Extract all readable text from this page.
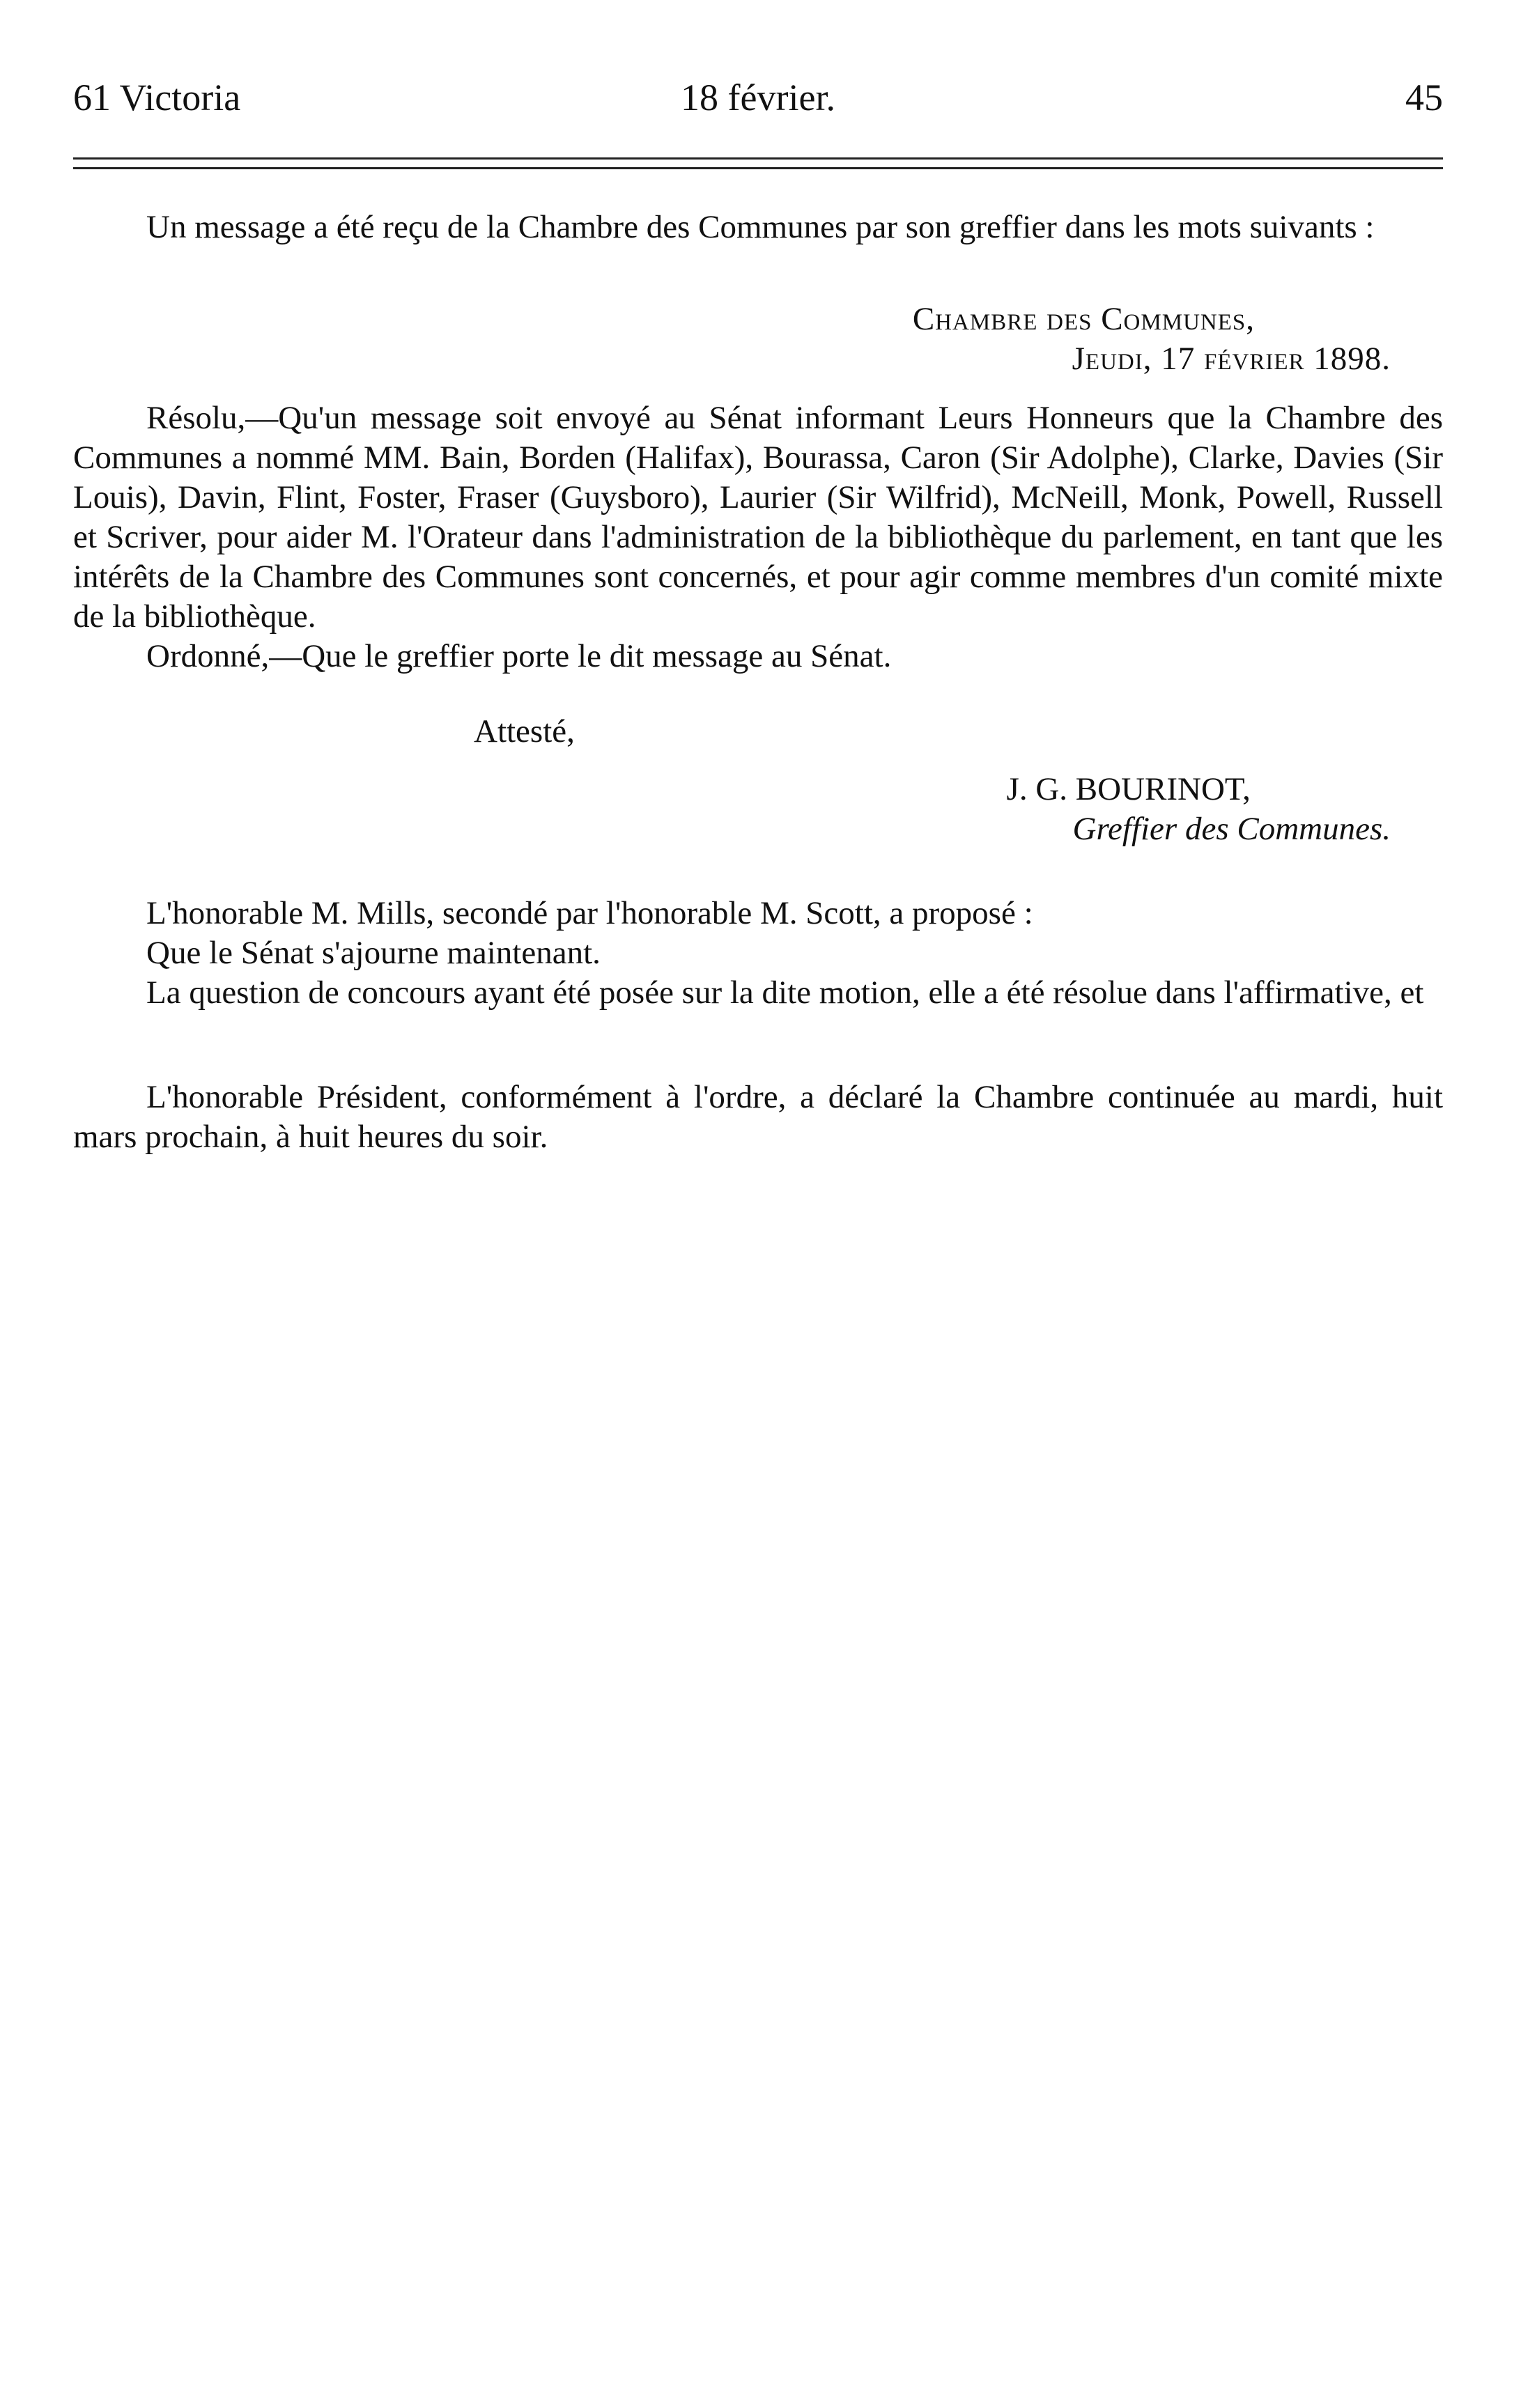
61 Victoria	18 février.	45

Un message a été reçu de la Chambre des Communes par son greffier dans les mots suivants :

Chambre des Communes,

Jeudi, 17 février 1898.

Résolu,—Qu'un message soit envoyé au Sénat informant Leurs Honneurs que la Chambre des Communes a nommé MM. Bain, Borden (Halifax), Bourassa, Caron (Sir Adolphe), Clarke, Davies (Sir Louis), Davin, Flint, Foster, Fraser (Guysboro), Laurier (Sir Wilfrid), McNeill, Monk, Powell, Russell et Scriver, pour aider M. l'Orateur dans l'administration de la bibliothèque du parlement, en tant que les intérêts de la Chambre des Communes sont concernés, et pour agir comme membres d'un comité mixte de la bibliothèque.

Ordonné,—Que le greffier porte le dit message au Sénat.

Attesté,

J. G. BOURINOT,

Greffier des Communes.

L'honorable M. Mills, secondé par l'honorable M. Scott, a proposé :

Que le Sénat s'ajourne maintenant.

La question de concours ayant été posée sur la dite motion, elle a été résolue dans l'affirmative, et

L'honorable Président, conformément à l'ordre, a déclaré la Chambre continuée au mardi, huit mars prochain, à huit heures du soir.
